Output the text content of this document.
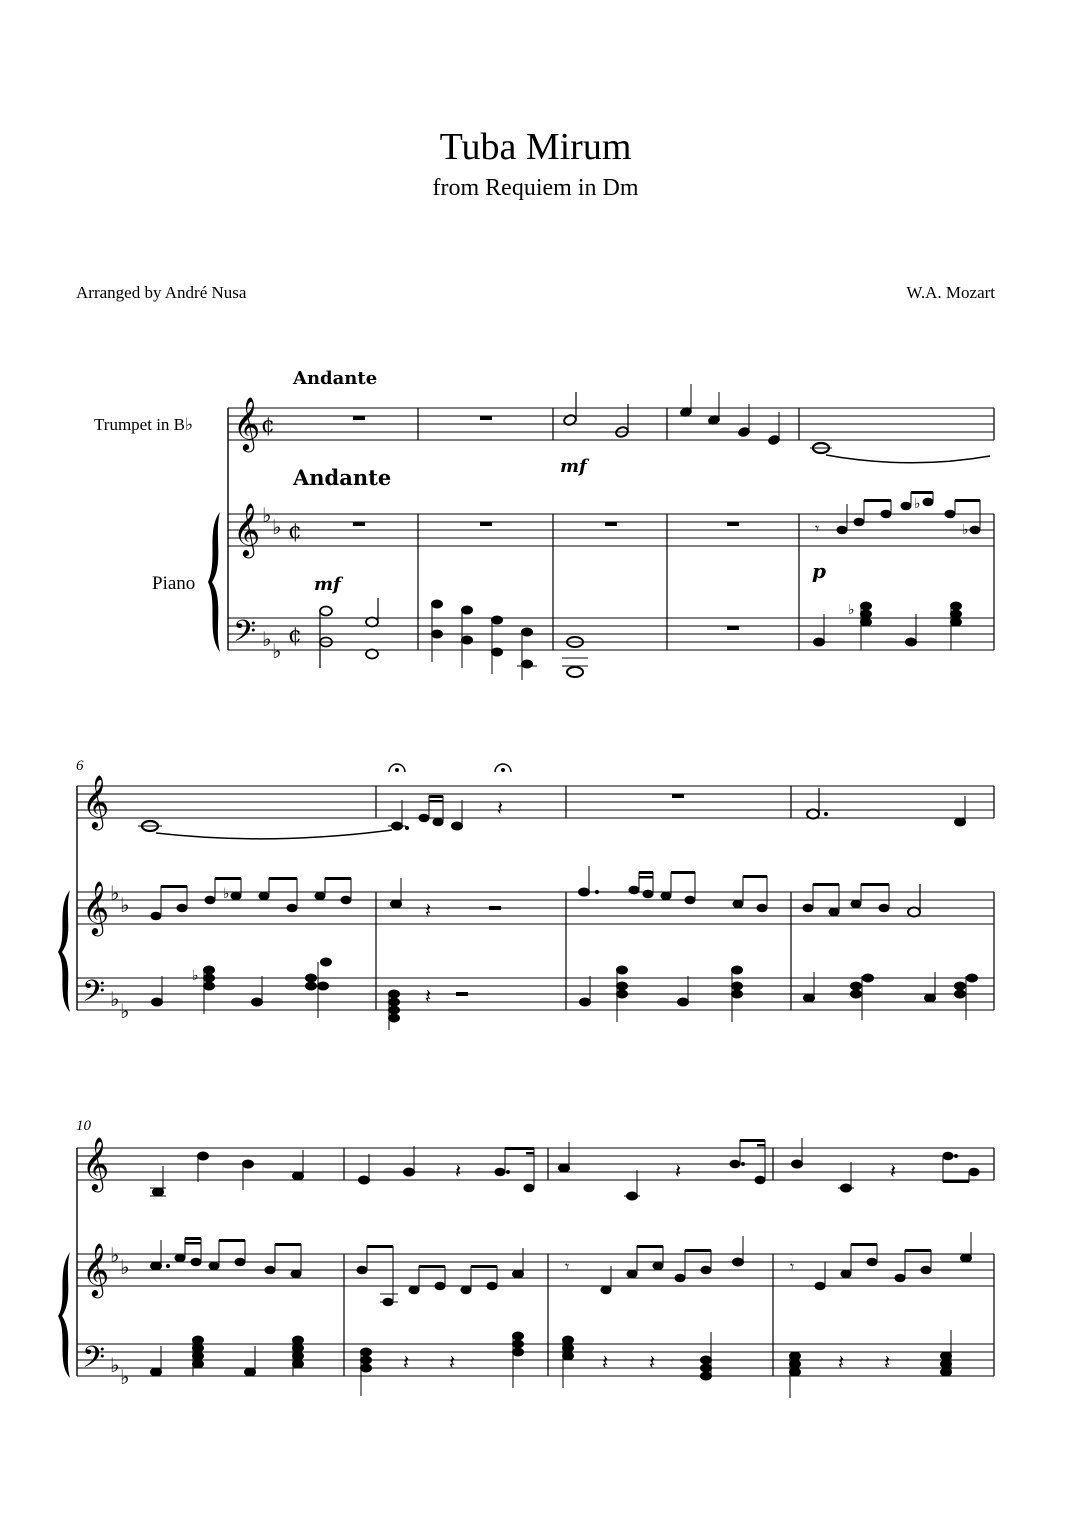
Tuba Mirum
from Requiem in Dm
Arranged by André Nusa	W.A. Mozart
Andante
Andante
Trumpet in B♭
Piano
𝄞
𝄞
𝄢
♭ ♭
♭ ♭
¢
¢
¢
mf
𝄾
♭
♭
p
mf
♭
6
𝄞
𝄞
𝄢
♭ ♭
♭ ♭
𝄽
♭
𝄽
♭
𝄽
10
𝄞
𝄞
𝄢
♭ ♭
♭ ♭
𝄽	𝄽	𝄽
𝄾	𝄾
𝄽 𝄽	𝄽 𝄽	𝄽 𝄽
